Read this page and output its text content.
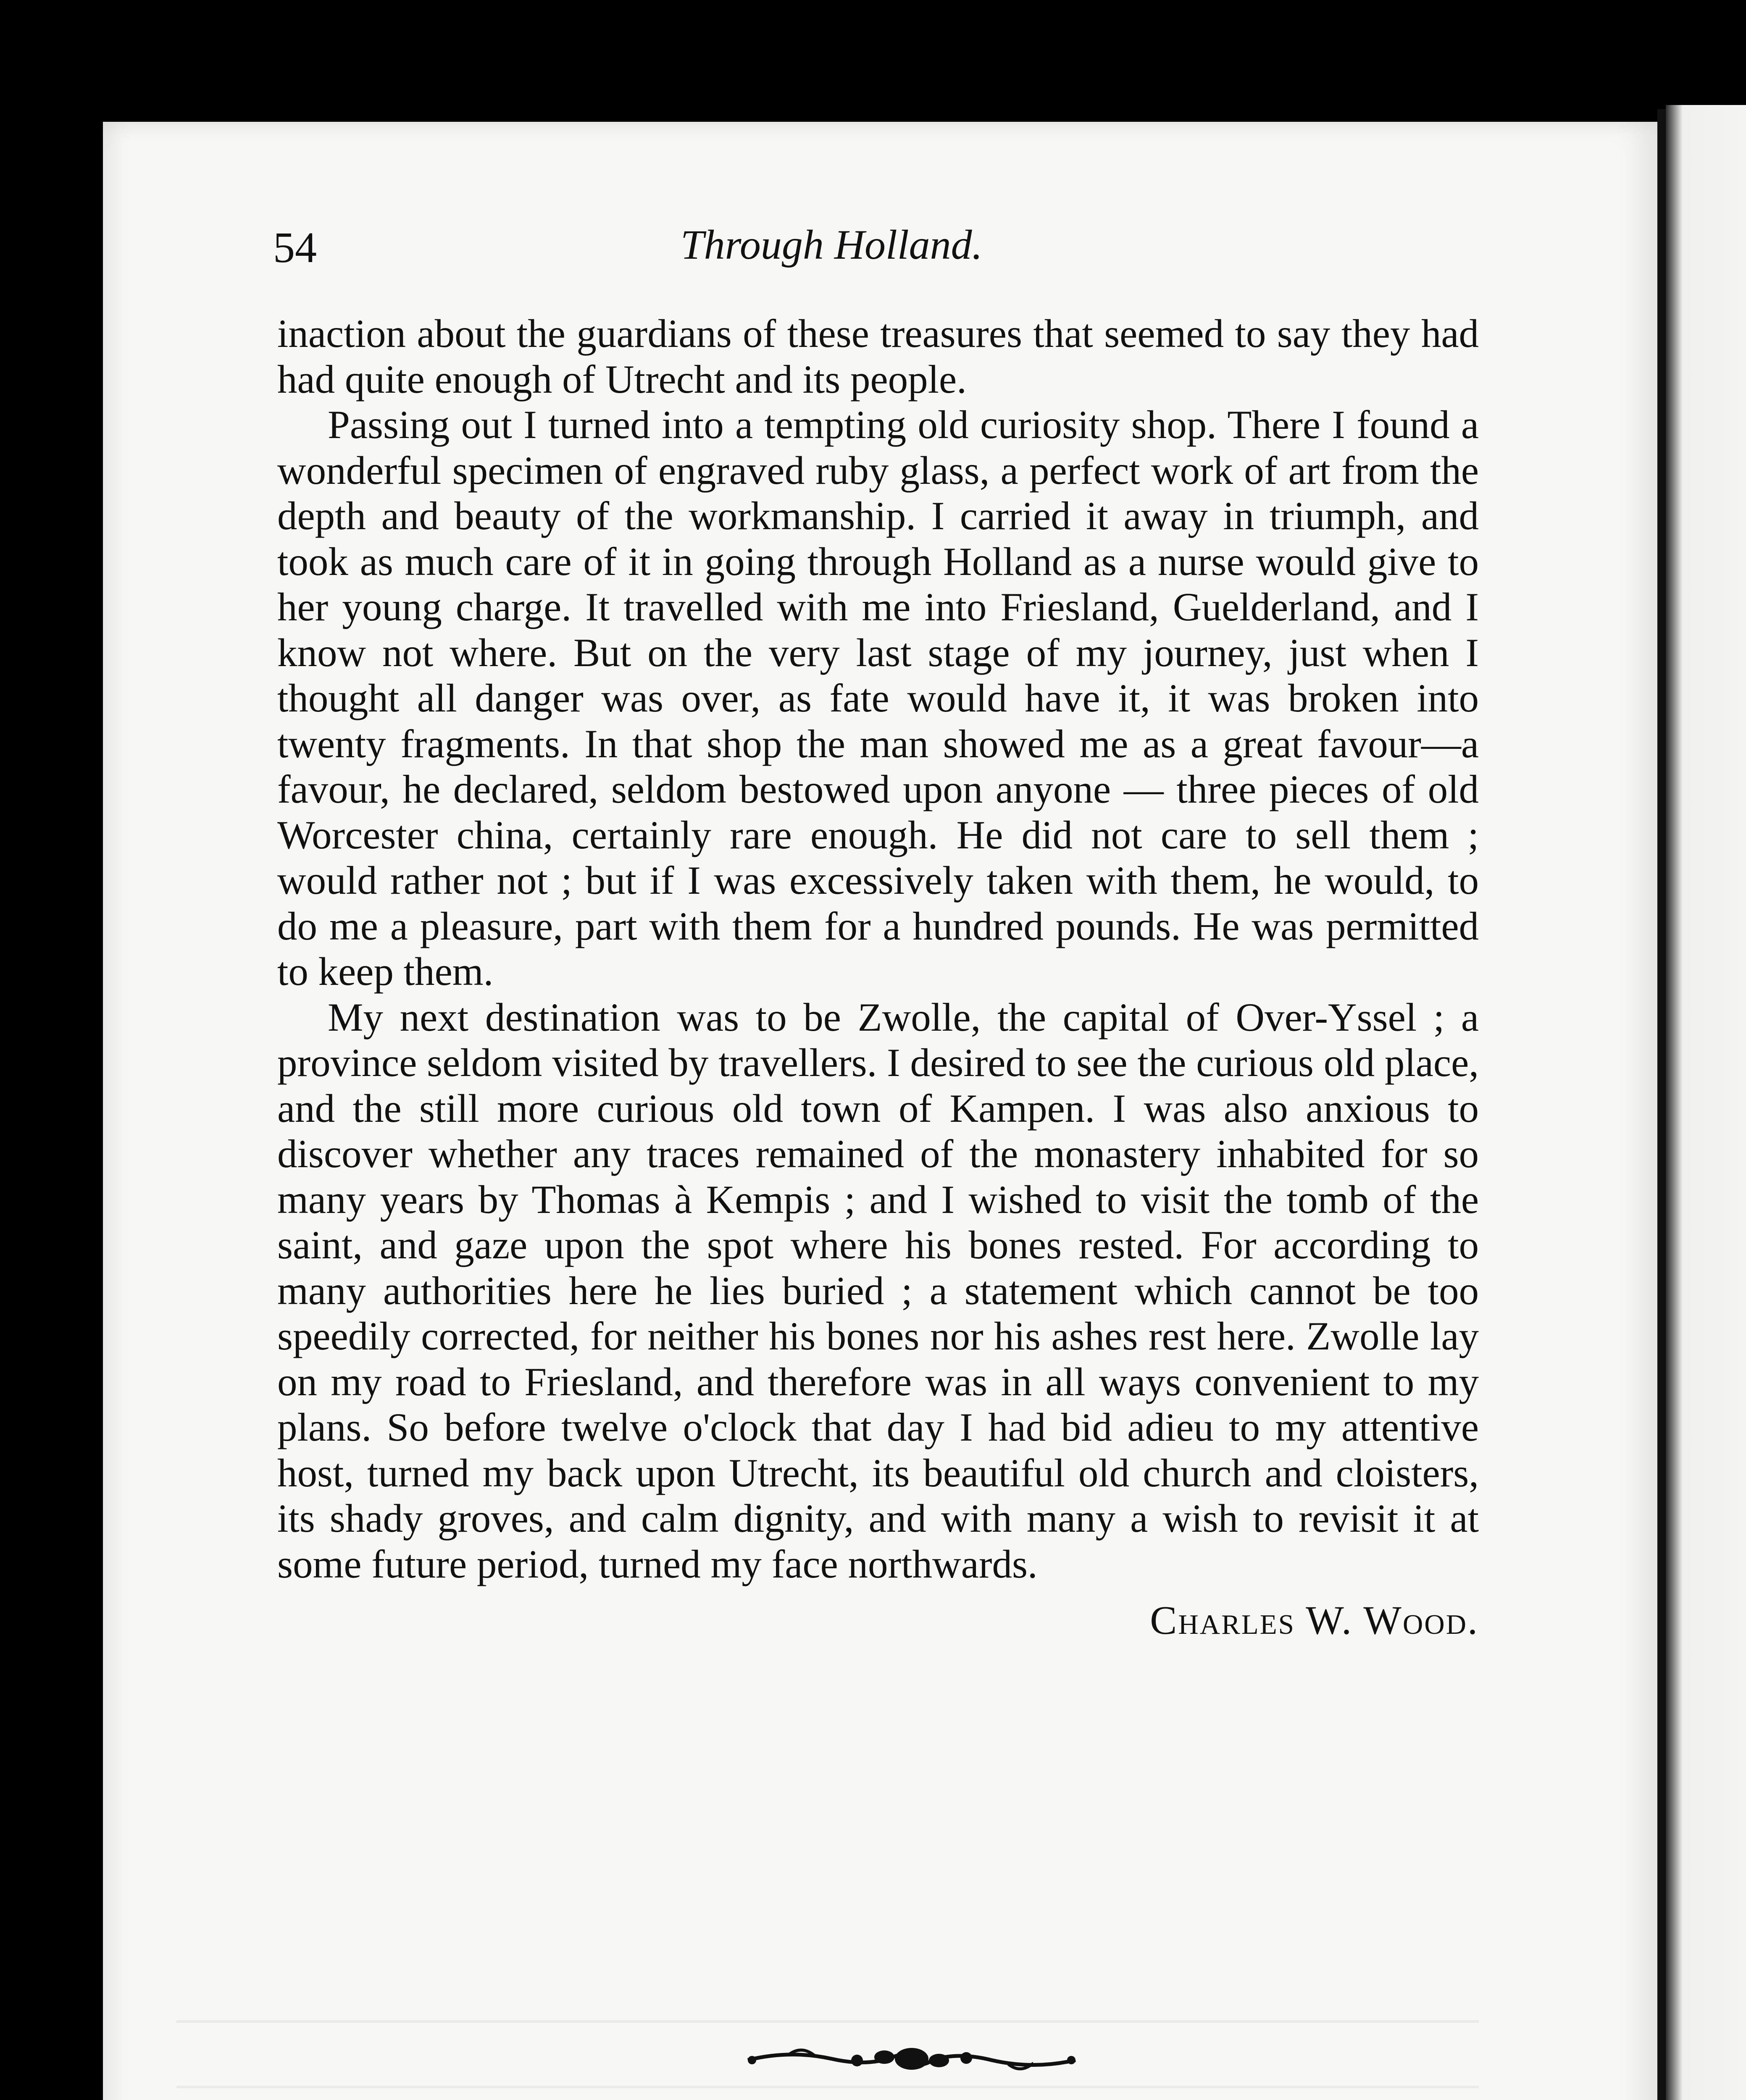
54	Through Holland.

inaction about the guardians of these treasures that seemed to say they had had quite enough of Utrecht and its people.

Passing out I turned into a tempting old curiosity shop. There I found a wonderful specimen of engraved ruby glass, a perfect work of art from the depth and beauty of the workmanship. I carried it away in triumph, and took as much care of it in going through Holland as a nurse would give to her young charge. It travelled with me into Friesland, Guelderland, and I know not where. But on the very last stage of my journey, just when I thought all danger was over, as fate would have it, it was broken into twenty fragments. In that shop the man showed me as a great favour—a favour, he declared, seldom bestowed upon anyone — three pieces of old Worcester china, certainly rare enough. He did not care to sell them ; would rather not ; but if I was excessively taken with them, he would, to do me a pleasure, part with them for a hundred pounds. He was permitted to keep them.

My next destination was to be Zwolle, the capital of Over-Yssel ; a province seldom visited by travellers. I desired to see the curious old place, and the still more curious old town of Kampen. I was also anxious to discover whether any traces remained of the monastery inhabited for so many years by Thomas à Kempis ; and I wished to visit the tomb of the saint, and gaze upon the spot where his bones rested. For according to many authorities here he lies buried ; a statement which cannot be too speedily corrected, for neither his bones nor his ashes rest here. Zwolle lay on my road to Friesland, and therefore was in all ways convenient to my plans. So before twelve o'clock that day I had bid adieu to my attentive host, turned my back upon Utrecht, its beautiful old church and cloisters, its shady groves, and calm dignity, and with many a wish to revisit it at some future period, turned my face northwards.

Charles W. Wood.
